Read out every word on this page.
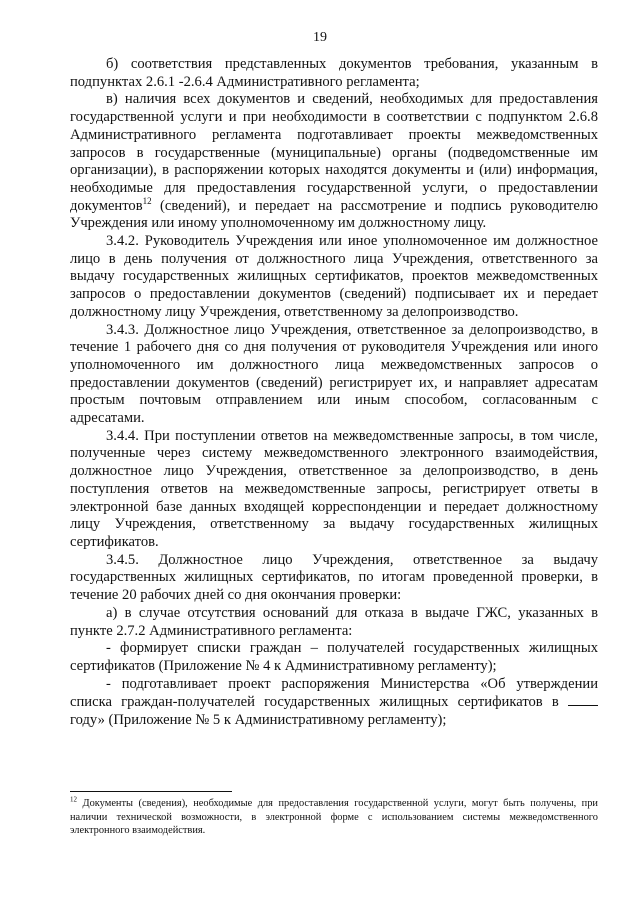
19

б) соответствия представленных документов требования, указанным в подпунктах 2.6.1 -2.6.4 Административного регламента;

в) наличия всех документов и сведений, необходимых для предоставления государственной услуги и при необходимости в соответствии с подпунктом 2.6.8 Административного регламента подготавливает проекты межведомственных запросов в государственные (муниципальные) органы (подведомственные им организации), в распоряжении которых находятся документы и (или) информация, необходимые для предоставления государственной услуги, о предоставлении документов$^{12}$ (сведений), и передает на рассмотрение и подпись руководителю Учреждения или иному уполномоченному им должностному лицу.

3.4.2. Руководитель Учреждения или иное уполномоченное им должностное лицо в день получения от должностного лица Учреждения, ответственного за выдачу государственных жилищных сертификатов, проектов межведомственных запросов о предоставлении документов (сведений) подписывает их и передает должностному лицу Учреждения, ответственному за делопроизводство.

3.4.3. Должностное лицо Учреждения, ответственное за делопроизводство, в течение 1 рабочего дня со дня получения от руководителя Учреждения или иного уполномоченного им должностного лица межведомственных запросов о предоставлении документов (сведений) регистрирует их, и направляет адресатам простым почтовым отправлением или иным способом, согласованным с адресатами.

3.4.4. При поступлении ответов на межведомственные запросы, в том числе, полученные через систему межведомственного электронного взаимодействия, должностное лицо Учреждения, ответственное за делопроизводство, в день поступления ответов на межведомственные запросы, регистрирует ответы в электронной базе данных входящей корреспонденции и передает должностному лицу Учреждения, ответственному за выдачу государственных жилищных сертификатов.

3.4.5. Должностное лицо Учреждения, ответственное за выдачу государственных жилищных сертификатов, по итогам проведенной проверки, в течение 20 рабочих дней со дня окончания проверки:

а) в случае отсутствия оснований для отказа в выдаче ГЖС, указанных в пункте 2.7.2 Административного регламента:

- формирует списки граждан – получателей государственных жилищных сертификатов (Приложение № 4 к Административному регламенту);

- подготавливает проект распоряжения Министерства «Об утверждении списка граждан-получателей государственных жилищных сертификатов в  году» (Приложение № 5 к Административному регламенту);

$^{12}$ Документы (сведения), необходимые для предоставления государственной услуги, могут быть получены, при наличии технической возможности, в электронной форме с использованием системы межведомственного электронного взаимодействия.
